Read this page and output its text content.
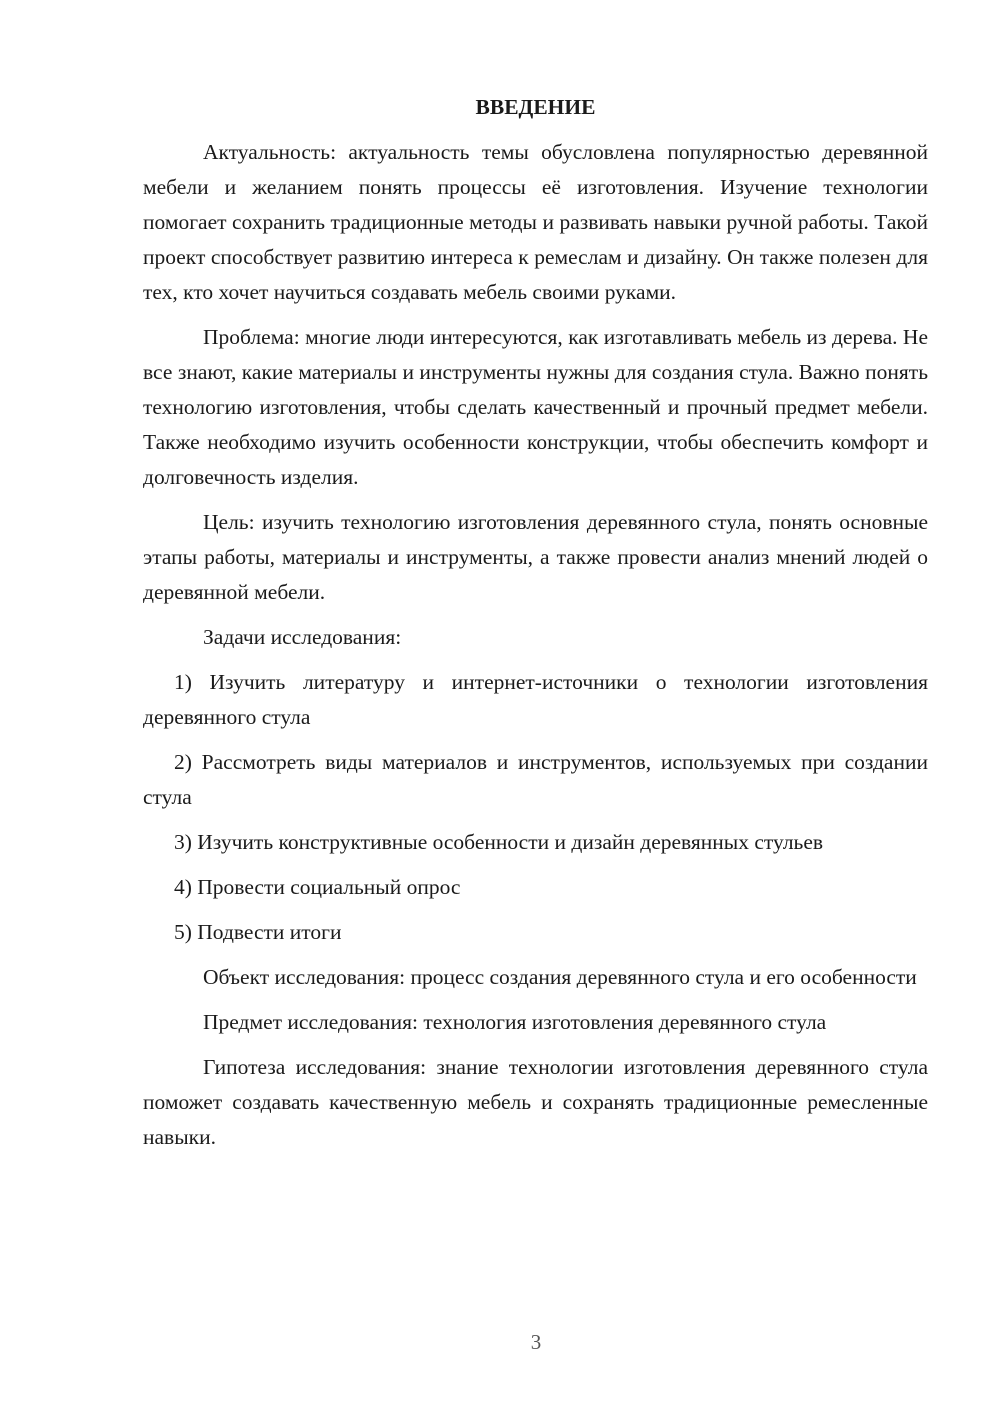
ВВЕДЕНИЕ

Актуальность: актуальность темы обусловлена популярностью деревянной мебели и желанием понять процессы её изготовления. Изучение технологии помогает сохранить традиционные методы и развивать навыки ручной работы. Такой проект способствует развитию интереса к ремеслам и дизайну. Он также полезен для тех, кто хочет научиться создавать мебель своими руками.

Проблема: многие люди интересуются, как изготавливать мебель из дерева. Не все знают, какие материалы и инструменты нужны для создания стула. Важно понять технологию изготовления, чтобы сделать качественный и прочный предмет мебели. Также необходимо изучить особенности конструкции, чтобы обеспечить комфорт и долговечность изделия.

Цель: изучить технологию изготовления деревянного стула, понять основные этапы работы, материалы и инструменты, а также провести анализ мнений людей о деревянной мебели.

Задачи исследования:

1) Изучить литературу и интернет-источники о технологии изготовления деревянного стула
2) Рассмотреть виды материалов и инструментов, используемых при создании стула
3) Изучить конструктивные особенности и дизайн деревянных стульев
4) Провести социальный опрос
5) Подвести итоги

Объект исследования: процесс создания деревянного стула и его особенности

Предмет исследования: технология изготовления деревянного стула

Гипотеза исследования: знание технологии изготовления деревянного стула поможет создавать качественную мебель и сохранять традиционные ремесленные навыки.

3
